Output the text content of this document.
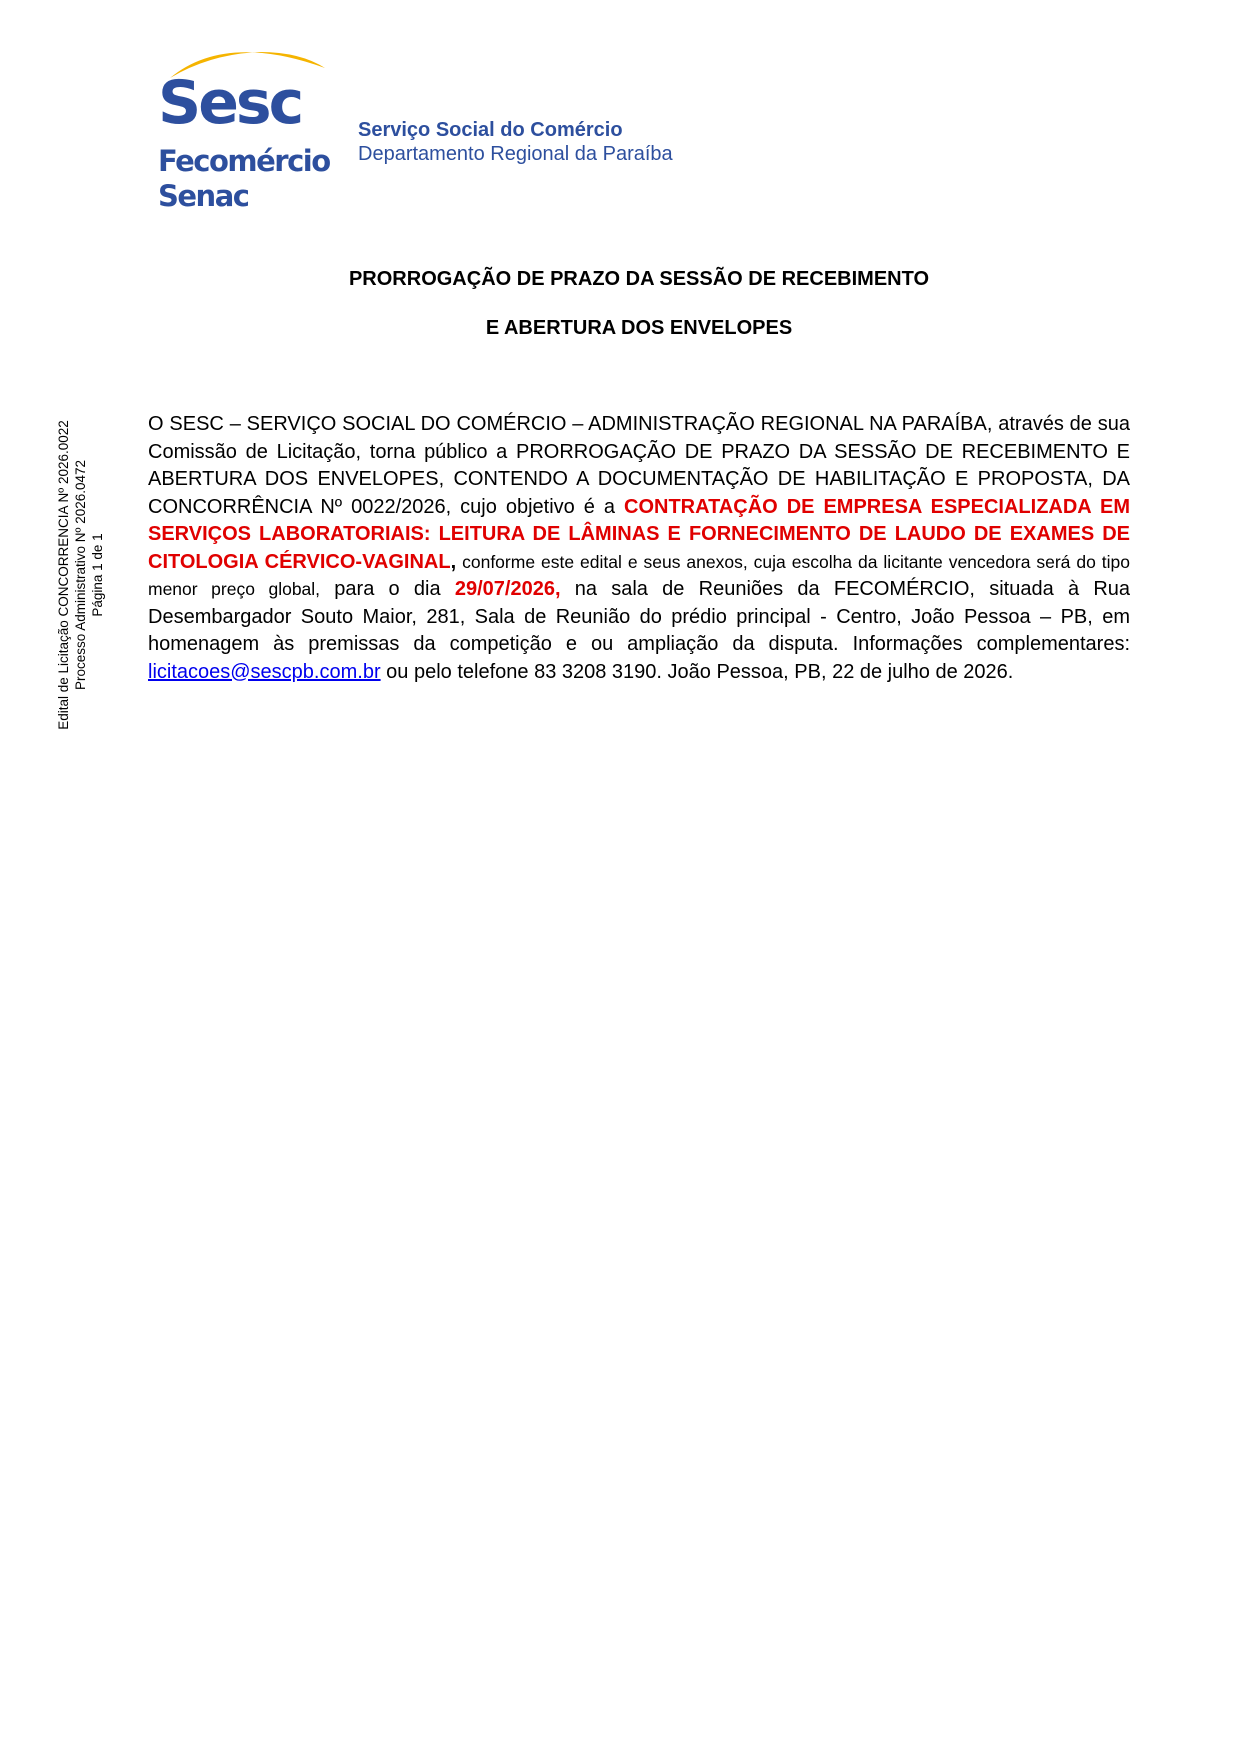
Sesc
Fecomércio
Senac
Serviço Social do Comércio
Departamento Regional da Paraíba
Edital de Licitação CONCORRENCIA Nº 2026.0022 Processo Administrativo Nº 2026.0472 Página 1 de 1
PRORROGAÇÃO DE PRAZO DA SESSÃO DE RECEBIMENTO
E ABERTURA DOS ENVELOPES
O SESC – SERVIÇO SOCIAL DO COMÉRCIO – ADMINISTRAÇÃO REGIONAL NA PARAÍBA, através de sua Comissão de Licitação, torna público a PRORROGAÇÃO DE PRAZO DA SESSÃO DE RECEBIMENTO E ABERTURA DOS ENVELOPES, CONTENDO A DOCUMENTAÇÃO DE HABILITAÇÃO E PROPOSTA, DA CONCORRÊNCIA Nº 0022/2026, cujo objetivo é a CONTRATAÇÃO DE EMPRESA ESPECIALIZADA EM SERVIÇOS LABORATORIAIS: LEITURA DE LÂMINAS E FORNECIMENTO DE LAUDO DE EXAMES DE CITOLOGIA CÉRVICO-VAGINAL, conforme este edital e seus anexos, cuja escolha da licitante vencedora será do tipo menor preço global, para o dia 29/07/2026, na sala de Reuniões da FECOMÉRCIO, situada à Rua Desembargador Souto Maior, 281, Sala de Reunião do prédio principal - Centro, João Pessoa – PB, em homenagem às premissas da competição e ou ampliação da disputa. Informações complementares: licitacoes@sescpb.com.br ou pelo telefone 83 3208 3190. João Pessoa, PB, 22 de julho de 2026.
